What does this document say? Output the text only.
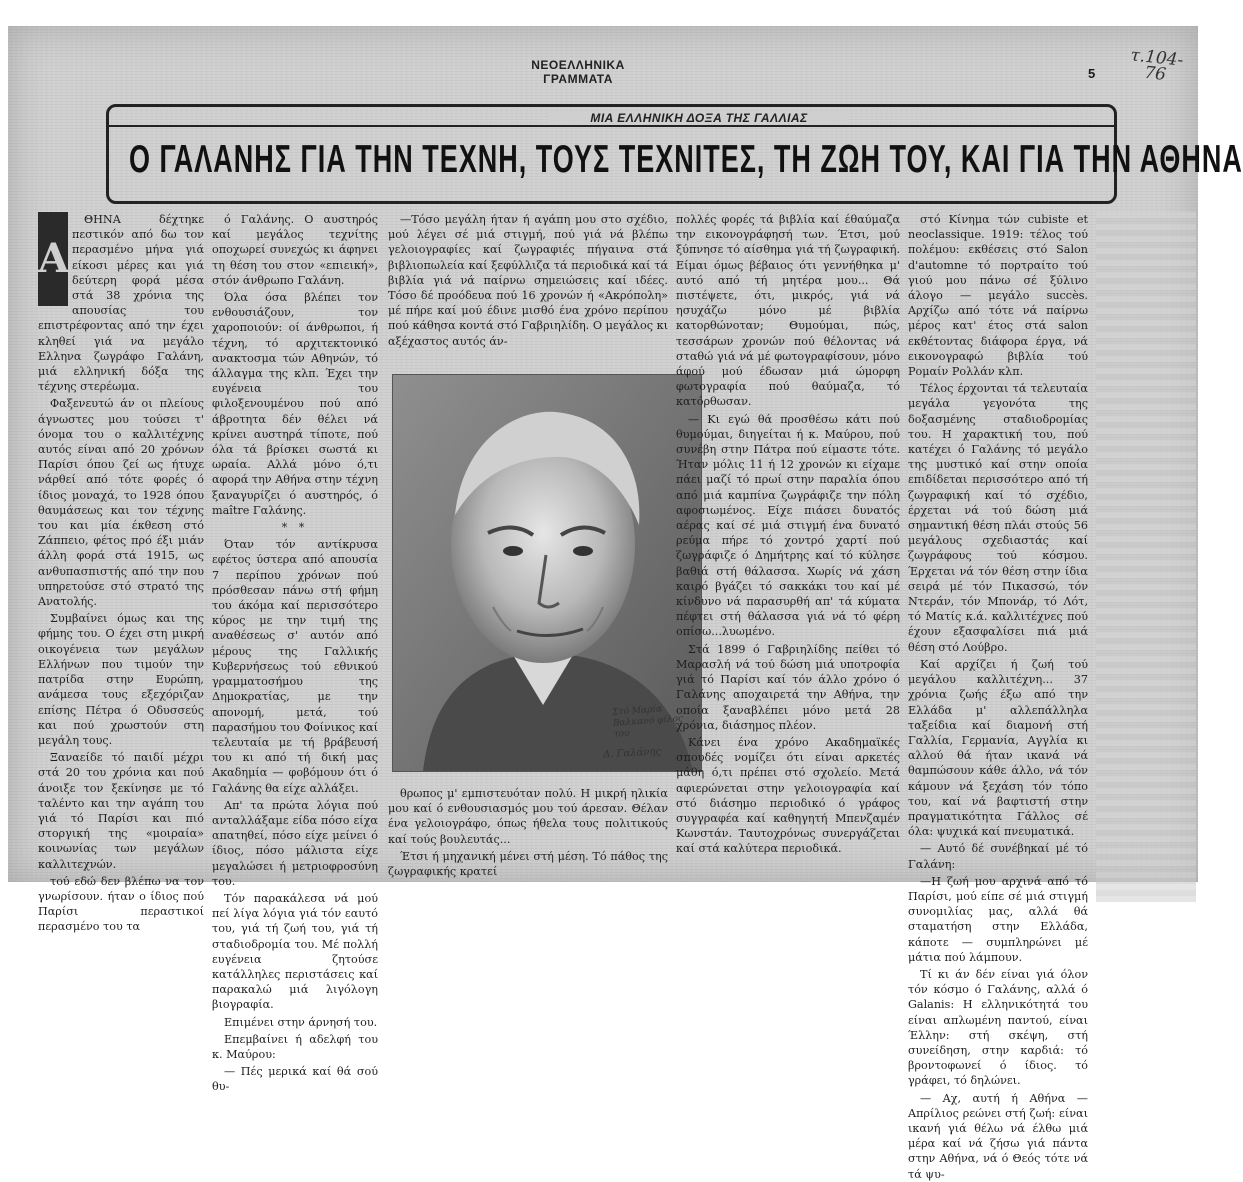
ΝΕΟΕΛΛΗΝΙΚΑ ΓΡΑΜΜΑΤΑ	5
τ.104-76
ΜΙΑ ΕΛΛΗΝΙΚΗ ΔΟΞΑ ΤΗΣ ΓΑΛΛΙΑΣ
Ο ΓΑΛΑΝΗΣ ΓΙΑ ΤΗΝ ΤΕΧΝΗ, ΤΟΥΣ ΤΕΧΝΙΤΕΣ, ΤΗ ΖΩΗ ΤΟΥ, ΚΑΙ ΓΙΑ ΤΗΝ ΑΘΗΝΑ
Α

ΘΗΝΑ δέχτηκε πεστικόν από δω τον περασμένο μήνα γιά είκοσι μέρες και γιά δεύτερη φορά μέσα στά 38 χρόνια της απουσίας του επιστρέφοντας από την έχει κληθεί γιά να μεγάλο Ελληνα ζωγράφο Γαλάνη, μιά ελληνική δόξα της τέχνης στερέωμα.

Φαξενευτώ άν οι πλείους άγνωστες μου τούσει τ' όνομα του ο καλλιτέχνης αυτός είναι από 20 χρόνων Παρίσι όπου ζεί ως ήτυχε νάρθεί από τότε φορές ό ίδιος μοναχά, το 1928 όπου θαυμάσεως και τον τέχνης του και μία έκθεση στό Ζάππειο, φέτος πρό έξι μιάν άλλη φορά στά 1915, ως ανθυπασπιστής από την που υπηρετούσε στό στρατό της Ανατολής.

Συμβαίνει όμως και της φήμης του. Ο έχει στη μικρή οικογένεια των μεγάλων Ελλήνων που τιμούν την πατρίδα στην Ευρώπη, ανάμεσα τους εξεχόριζαν επίσης Πέτρα ό Οδυσσεύς και πού χρωστούν στη μεγάλη τους.

Ξαναείδε τό παιδί μέχρι στά 20 του χρόνια και πού άνοιξε τον ξεκίνησε με τό ταλέντο και την αγάπη του γιά τό Παρίσι και πιό στοργική της «μοιραία» κοινωνίας των μεγάλων καλλιτεχνών.

τού εδώ δεν βλέπω να τον γνωρίσουν. ήταν ο ίδιος πού Παρίσι περαστικοί περασμένο του τα

ό Γαλάνης. Ο αυστηρός καί μεγάλος τεχνίτης οποχωρεί συνεχώς κι άφηνει τη θέση του στον «επιεική», στόν άνθρωπο Γαλάνη.

Όλα όσα βλέπει τον ενθουσιάζουν, τον χαροποιούν: οί άνθρωποι, ή τέχνη, τό αρχιτεκτονικό ανακτοσμα τών Αθηνών, τό άλλαγμα της κλπ. Έχει την ευγένεια του φιλοξενουμένου πού από άβροτητα δέν θέλει νά κρίνει αυστηρά τίποτε, πού όλα τά βρίσκει σωστά κι ωραία. Αλλά μόνο ό,τι αφορά την Αθήνα στην τέχνη ξαναγυρίζει ό αυστηρός, ό maître Γαλάνης.

* *

Όταν τόν αντίκρυσα εφέτος ύστερα από απουσία 7 περίπου χρόνων πού πρόσθεσαν πάνω στή φήμη του άκόμα καί περισσότερο κύρος με την τιμή της αναθέσεως σ' αυτόν από μέρους της Γαλλικής Κυβερνήσεως τού εθνικού γραμματοσήμου της Δημοκρατίας, με την απονομή, μετά, τού παρασήμου του Φοίνικος καί τελευταία με τή βράβευσή του κι από τή δική μας Ακαδημία — φοβόμουν ότι ό Γαλάνης θα είχε αλλάξει.

Απ' τα πρώτα λόγια πού ανταλλάξαμε είδα πόσο είχα απατηθεί, πόσο είχε μείνει ό ίδιος, πόσο μάλιστα είχε μεγαλώσει ή μετριοφροσύνη του.

Τόν παρακάλεσα νά μού πεί λίγα λόγια γιά τόν εαυτό του, γιά τή ζωή του, γιά τή σταδιοδρομία του. Μέ πολλή ευγένεια ζητούσε κατάλληλες περιστάσεις καί παρακαλώ μιά λιγόλογη βιογραφία.

Επιμένει στην άρνησή του.

Επεμβαίνει ή αδελφή του κ. Μαύρου:

— Πές μερικά καί θά σού θυ-

—Τόσο μεγάλη ήταν ή αγάπη μου στο σχέδιο, μού λέγει σέ μιά στιγμή, πού γιά νά βλέπω γελοιογραφίες καί ζωγραφιές πήγαινα στά βιβλιοπωλεία καί ξεφύλλιζα τά περιοδικά καί τά βιβλία γιά νά παίρνω σημειώσεις καί ιδέες. Τόσο δέ προόδευα πού 16 χρονών ή «Ακρόπολη» μέ πήρε καί μού έδινε μισθό ένα χρόνο περίπου πού κάθησα κοντά στό Γαβριηλίδη. Ο μεγάλος κι αξέχαστος αυτός άν-

Στό Μαρία Βαλκανό φίλος του
Δ. Γαλάνης

θρωπος μ' εμπιστευόταν πολύ. Η μικρή ηλικία μου καί ό ενθουσιασμός μου τού άρεσαν. Θέλαν ένα γελοιογράφο, όπως ήθελα τους πολιτικούς καί τούς βουλευτάς...

Έτσι ή μηχανική μένει στή μέση. Τό πάθος της ζωγραφικής κρατεί

πολλές φορές τά βιβλία καί έθαύμαζα την εικονογράφησή των. Έτσι, μού ξύπνησε τό αίσθημα γιά τή ζωγραφική. Είμαι όμως βέβαιος ότι γεννήθηκα μ' αυτό από τή μητέρα μου... Θά πιστέψετε, ότι, μικρός, γιά νά ησυχάζω μόνο μέ βιβλία κατορθώνοταν; Θυμούμαι, πώς, τεσσάρων χρονών πού θέλοντας νά σταθώ γιά νά μέ φωτογραφίσουν, μόνο άφού μού έδωσαν μιά ώμορφη φωτογραφία πού θαύμαζα, τό κατόρθωσαν.

— Κι εγώ θά προσθέσω κάτι πού θυμούμαι, διηγείται ή κ. Μαύρου, πού συνέβη στην Πάτρα πού είμαστε τότε. Ήταν μόλις 11 ή 12 χρονών κι είχαμε πάει μαζί τό πρωί στην παραλία όπου από μιά καμπίνα ζωγράφιζε την πόλη αφοσιωμένος. Είχε πιάσει δυνατός αέρας καί σέ μιά στιγμή ένα δυνατό ρεύμα πήρε τό χοντρό χαρτί πού ζωγράφιζε ό Δημήτρης καί τό κύλησε βαθιά στή θάλασσα. Χωρίς νά χάση καιρό βγάζει τό σακκάκι του καί μέ κίνδυνο νά παρασυρθή απ' τά κύματα πέφτει στή θάλασσα γιά νά τό φέρη οπίσω...λυωμένο.

Στά 1899 ό Γαβριηλίδης πείθει τό Μαρασλή νά τού δώση μιά υποτροφία γιά τό Παρίσι καί τόν άλλο χρόνο ό Γαλάνης αποχαιρετά την Αθήνα, την οποία ξαναβλέπει μόνο μετά 28 χρόνια, διάσημος πλέον.

Κάνει ένα χρόνο Ακαδημαϊκές σπουδές νομίζει ότι είναι αρκετές μάθη ό,τι πρέπει στό σχολείο. Μετά αφιερώνεται στην γελοιογραφία καί στό διάσημο περιοδικό ό γράφος συγγραφέα καί καθηγητή Μπενζαμέν Κωνστάν. Ταυτοχρόνως συνεργάζεται καί στά καλύτερα περιοδικά.

στό Κίνημα τών cubiste et neoclassique. 1919: τέλος τού πολέμου: εκθέσεις στό Salon d'automne τό πορτραίτο τού γιού μου πάνω σέ ξύλινο άλογο — μεγάλο succès. Αρχίζω από τότε νά παίρνω μέρος κατ' έτος στά salon εκθέτοντας διάφορα έργα, νά εικονογραφώ βιβλία τού Ρομαίν Ρολλάν κλπ.

Τέλος έρχονται τά τελευταία μεγάλα γεγονότα της δοξασμένης σταδιοδρομίας του. Η χαρακτική του, πού κατέχει ό Γαλάνης τό μεγάλο της μυστικό καί στην οποία επιδίδεται περισσότερο από τή ζωγραφική καί τό σχέδιο, έρχεται νά τού δώση μιά σημαντική θέση πλάι στούς 56 μεγάλους σχεδιαστάς καί ζωγράφους τού κόσμου. Έρχεται νά τόν θέση στην ίδια σειρά μέ τόν Πικασσώ, τόν Ντεράν, τόν Μπονάρ, τό Λότ, τό Ματίς κ.ά. καλλιτέχνες πού έχουν εξασφαλίσει πιά μιά θέση στό Λούβρο.

Καί αρχίζει ή ζωή τού μεγάλου καλλιτέχνη... 37 χρόνια ζωής έξω από την Ελλάδα μ' αλλεπάλληλα ταξείδια καί διαμονή στή Γαλλία, Γερμανία, Αγγλία κι αλλού θά ήταν ικανά νά θαμπώσουν κάθε άλλο, νά τόν κάμουν νά ξεχάση τόν τόπο του, καί νά βαφτιστή στην πραγματικότητα Γάλλος σέ όλα: ψυχικά καί πνευματικά.

— Αυτό δέ συνέβηκαί μέ τό Γαλάνη:

—Η ζωή μου αρχινά από τό Παρίσι, μού είπε σέ μιά στιγμή συνομιλίας μας, αλλά θά σταματήση στην Ελλάδα, κάποτε — συμπληρώνει μέ μάτια πού λάμπουν.

Τί κι άν δέν είναι γιά όλον τόν κόσμο ό Γαλάνης, αλλά ό Galanis: Η ελληνικότητά του είναι απλωμένη παντού, είναι Έλλην: στή σκέψη, στή συνείδηση, στην καρδιά: τό βροντοφωνεί ό ίδιος. τό γράφει, τό δηλώνει.

— Αχ, αυτή ή Αθήνα — Απρίλιος ρεώνει στή ζωή: είναι ικανή γιά θέλω νά έλθω μιά μέρα καί νά ζήσω γιά πάντα στην Αθήνα, νά ό Θεός τότε νά τά ψυ-
